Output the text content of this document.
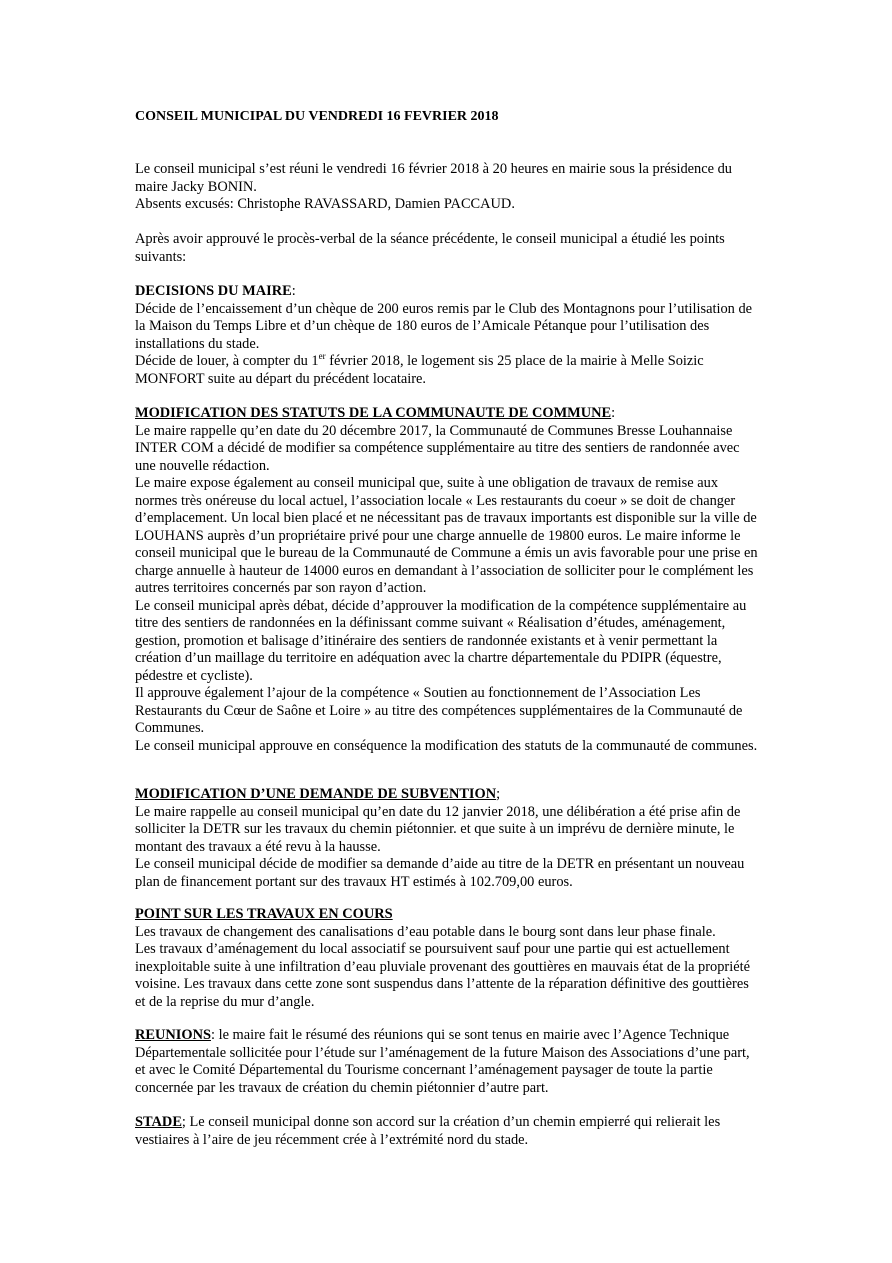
CONSEIL MUNICIPAL DU VENDREDI 16 FEVRIER 2018

Le conseil municipal s’est réuni le vendredi 16 février 2018 à 20 heures en mairie sous la présidence du maire Jacky BONIN.

Absents excusés: Christophe RAVASSARD, Damien PACCAUD.

Après avoir approuvé le procès-verbal de la séance précédente, le conseil municipal a étudié les points suivants:

DECISIONS DU MAIRE:

Décide de l’encaissement d’un chèque de 200 euros remis par le Club des Montagnons pour l’utilisation de la Maison du Temps Libre et d’un chèque de 180 euros de l’Amicale Pétanque pour l’utilisation des installations du stade.

Décide de louer, à compter du 1er février 2018, le logement sis 25 place de la mairie à Melle Soizic MONFORT suite au départ du précédent locataire.

MODIFICATION DES STATUTS DE LA COMMUNAUTE DE COMMUNE:

Le maire rappelle qu’en date du 20 décembre 2017, la Communauté de Communes Bresse Louhannaise INTER COM a décidé de modifier sa compétence supplémentaire au titre des sentiers de randonnée avec une nouvelle rédaction.

Le maire expose également au conseil municipal que, suite à une obligation de travaux de remise aux normes très onéreuse du local actuel, l’association locale « Les restaurants du coeur » se doit de changer d’emplacement. Un local bien placé et ne nécessitant pas de travaux importants est disponible sur la ville de LOUHANS auprès d’un propriétaire privé pour une charge annuelle de 19800 euros. Le maire informe le conseil municipal que le bureau de la Communauté de Commune a émis un avis favorable pour une prise en charge annuelle à hauteur de 14000 euros en demandant à l’association de solliciter pour le complément les autres territoires concernés par son rayon d’action.

Le conseil municipal après débat, décide d’approuver la modification de la compétence supplémentaire au titre des sentiers de randonnées en la définissant comme suivant « Réalisation d’études, aménagement, gestion, promotion et balisage d’itinéraire des sentiers de randonnée existants et à venir permettant la création d’un maillage du territoire en adéquation avec la chartre départementale du PDIPR (équestre, pédestre et cycliste).

Il approuve également l’ajour de la compétence « Soutien au fonctionnement de l’Association Les Restaurants du Cœur de Saône et Loire » au titre des compétences supplémentaires de la Communauté de Communes.

Le conseil municipal approuve en conséquence la modification des statuts de la communauté de communes.

MODIFICATION D’UNE DEMANDE DE SUBVENTION;

Le maire rappelle au conseil municipal qu’en date du 12 janvier 2018, une délibération a été prise afin de solliciter la DETR sur les travaux du chemin piétonnier. et que suite à un imprévu de dernière minute, le montant des travaux a été revu à la hausse.

Le conseil municipal décide de modifier sa demande d’aide au titre de la DETR en présentant un nouveau plan de financement portant sur des travaux HT estimés à 102.709,00 euros.

POINT SUR LES TRAVAUX EN COURS

Les travaux de changement des canalisations d’eau potable dans le bourg sont dans leur phase finale.

Les travaux d’aménagement du local associatif se poursuivent sauf pour une partie qui est actuellement inexploitable suite à une infiltration d’eau pluviale provenant des gouttières en mauvais état de la propriété voisine. Les travaux dans cette zone sont suspendus dans l’attente de la réparation définitive des gouttières et de la reprise du mur d’angle.

REUNIONS: le maire fait le résumé des réunions qui se sont tenus en mairie avec l’Agence Technique Départementale sollicitée pour l’étude sur l’aménagement de la future Maison des Associations d’une part, et avec le Comité Départemental du Tourisme concernant l’aménagement paysager de toute la partie concernée par les travaux de création du chemin piétonnier d’autre part.

STADE; Le conseil municipal donne son accord sur la création d’un chemin empierré qui relierait les vestiaires à l’aire de jeu récemment crée à l’extrémité nord du stade.
